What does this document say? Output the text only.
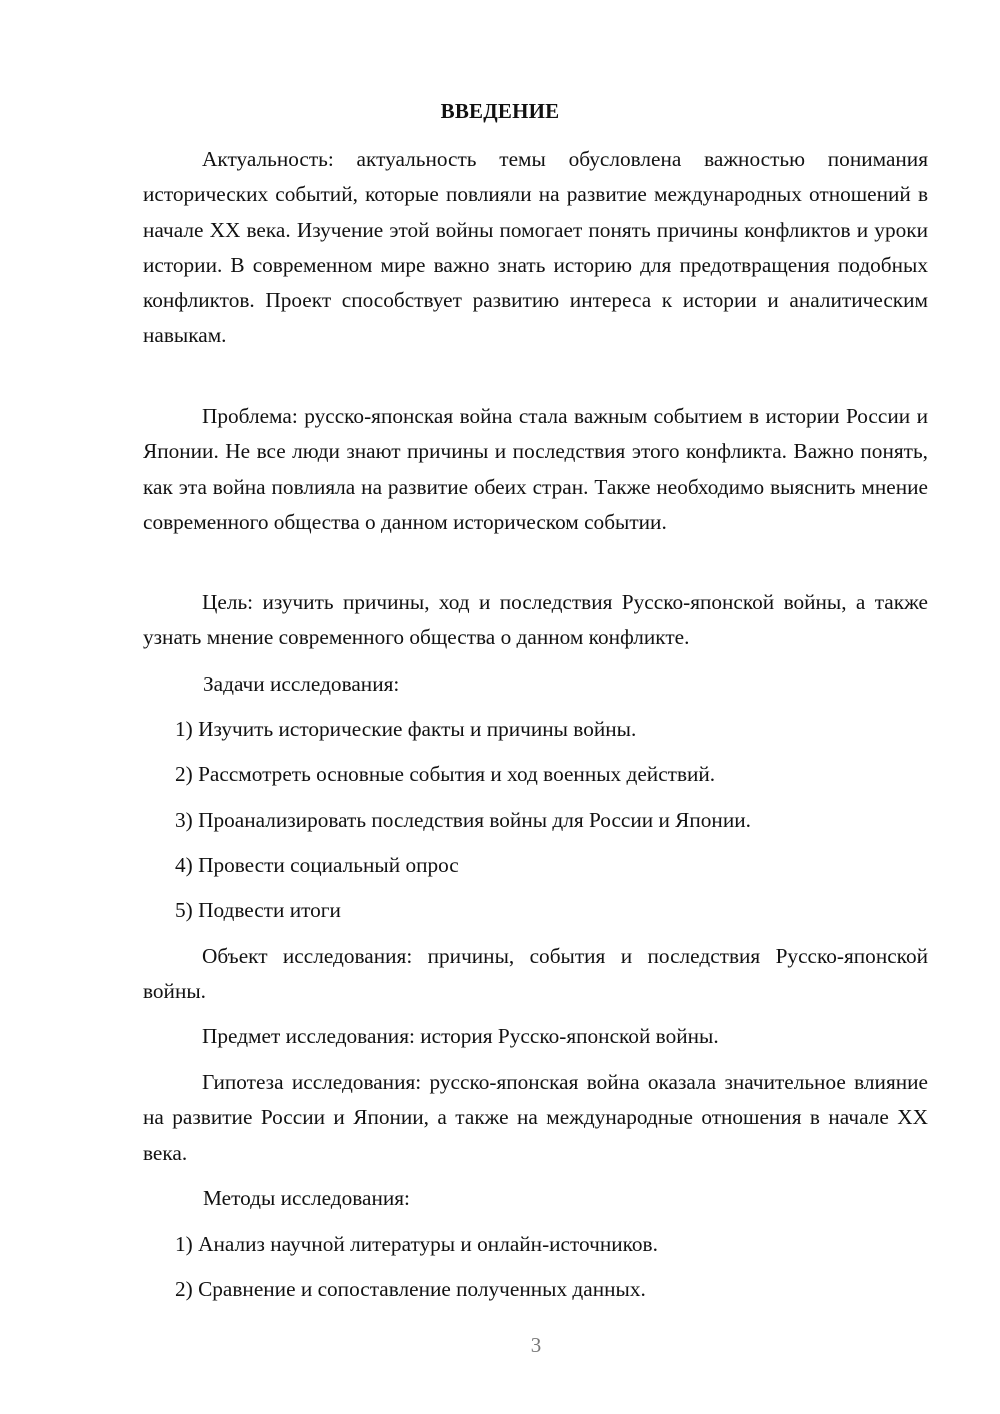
ВВЕДЕНИЕ

Актуальность: актуальность темы обусловлена важностью понимания исторических событий, которые повлияли на развитие международных отношений в начале XX века. Изучение этой войны помогает понять причины конфликтов и уроки истории. В современном мире важно знать историю для предотвращения подобных конфликтов. Проект способствует развитию интереса к истории и аналитическим навыкам.

Проблема: русско-японская война стала важным событием в истории России и Японии. Не все люди знают причины и последствия этого конфликта. Важно понять, как эта война повлияла на развитие обеих стран. Также необходимо выяснить мнение современного общества о данном историческом событии.

Цель: изучить причины, ход и последствия Русско-японской войны, а также узнать мнение современного общества о данном конфликте.

Задачи исследования:
1) Изучить исторические факты и причины войны.
2) Рассмотреть основные события и ход военных действий.
3) Проанализировать последствия войны для России и Японии.
4) Провести социальный опрос
5) Подвести итоги

Объект исследования: причины, события и последствия Русско-японской войны.

Предмет исследования: история Русско-японской войны.

Гипотеза исследования: русско-японская война оказала значительное влияние на развитие России и Японии, а также на международные отношения в начале XX века.

Методы исследования:
1) Анализ научной литературы и онлайн-источников.
2) Сравнение и сопоставление полученных данных.
3
